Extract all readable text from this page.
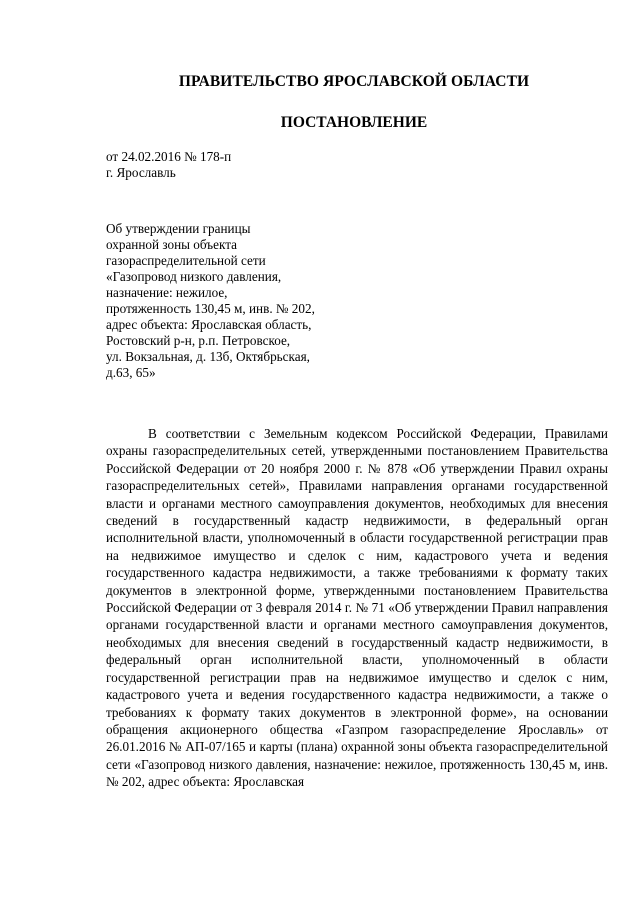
ПРАВИТЕЛЬСТВО ЯРОСЛАВСКОЙ ОБЛАСТИ
ПОСТАНОВЛЕНИЕ
от 24.02.2016 № 178-п
г. Ярославль
Об утверждении границы
охранной зоны объекта
газораспределительной сети
«Газопровод низкого давления,
назначение: нежилое,
протяженность 130,45 м, инв. № 202,
адрес объекта: Ярославская область,
Ростовский р-н, р.п. Петровское,
ул. Вокзальная, д. 13б, Октябрьская,
д.63, 65»

В соответствии с Земельным кодексом Российской Федерации, Правилами охраны газораспределительных сетей, утвержденными постановлением Правительства Российской Федерации от 20 ноября 2000 г. № 878 «Об утверждении Правил охраны газораспределительных сетей», Правилами направления органами государственной власти и органами местного самоуправления документов, необходимых для внесения сведений в государственный кадастр недвижимости, в федеральный орган исполнительной власти, уполномоченный в области государственной регистрации прав на недвижимое имущество и сделок с ним, кадастрового учета и ведения государственного кадастра недвижимости, а также требованиями к формату таких документов в электронной форме, утвержденными постановлением Правительства Российской Федерации от 3 февраля 2014 г. № 71 «Об утверждении Правил направления органами государственной власти и органами местного самоуправления документов, необходимых для внесения сведений в государственный кадастр недвижимости, в федеральный орган исполнительной власти, уполномоченный в области государственной регистрации прав на недвижимое имущество и сделок с ним, кадастрового учета и ведения государственного кадастра недвижимости, а также о требованиях к формату таких документов в электронной форме», на основании обращения акционерного общества «Газпром газораспределение Ярославль» от 26.01.2016 № АП-07/165 и карты (плана) охранной зоны объекта газораспределительной сети «Газопровод низкого давления, назначение: нежилое, протяженность 130,45 м, инв. № 202, адрес объекта: Ярославская
